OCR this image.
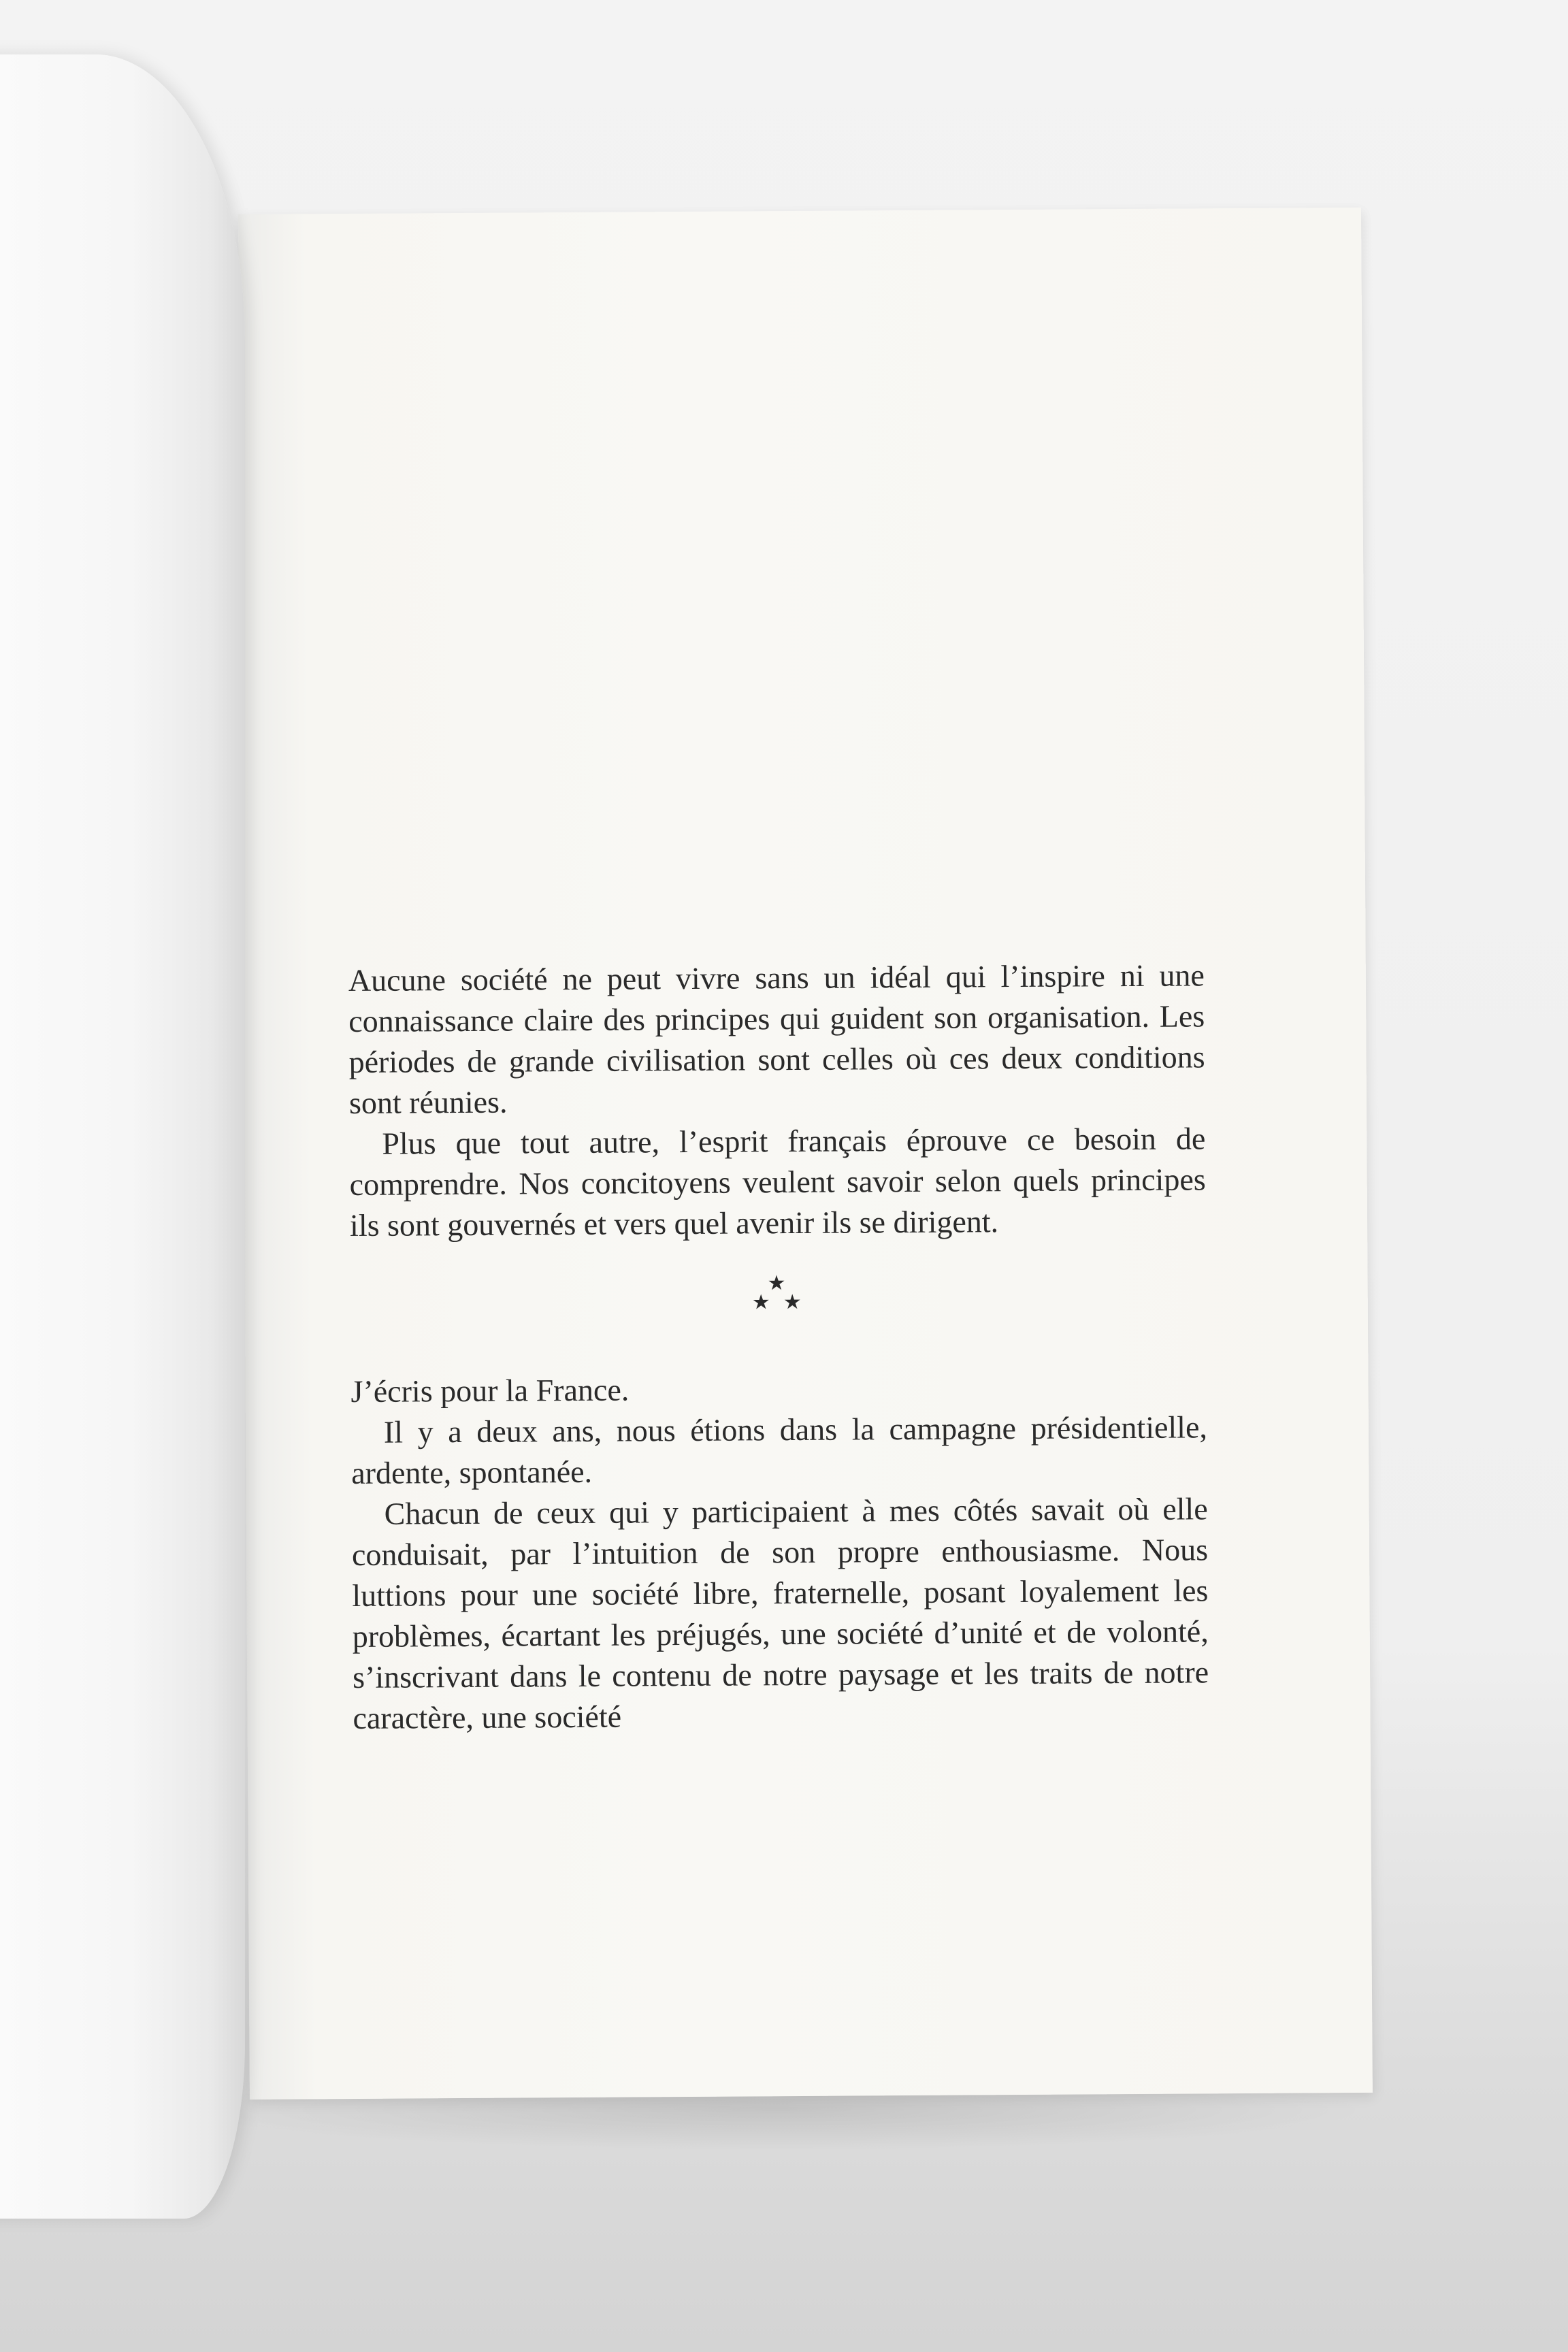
Aucune société ne peut vivre sans un idéal qui l’inspire ni une connaissance claire des principes qui guident son organisation. Les périodes de grande civilisation sont celles où ces deux conditions sont réunies.

Plus que tout autre, l’esprit français éprouve ce besoin de comprendre. Nos concitoyens veulent savoir selon quels principes ils sont gouvernés et vers quel avenir ils se dirigent.

★
★ ★

J’écris pour la France.

Il y a deux ans, nous étions dans la campagne présidentielle, ardente, spontanée.

Chacun de ceux qui y participaient à mes côtés savait où elle conduisait, par l’intuition de son propre enthousiasme. Nous luttions pour une société libre, fraternelle, posant loyalement les problèmes, écartant les préjugés, une société d’unité et de volonté, s’inscrivant dans le contenu de notre paysage et les traits de notre caractère, une société
